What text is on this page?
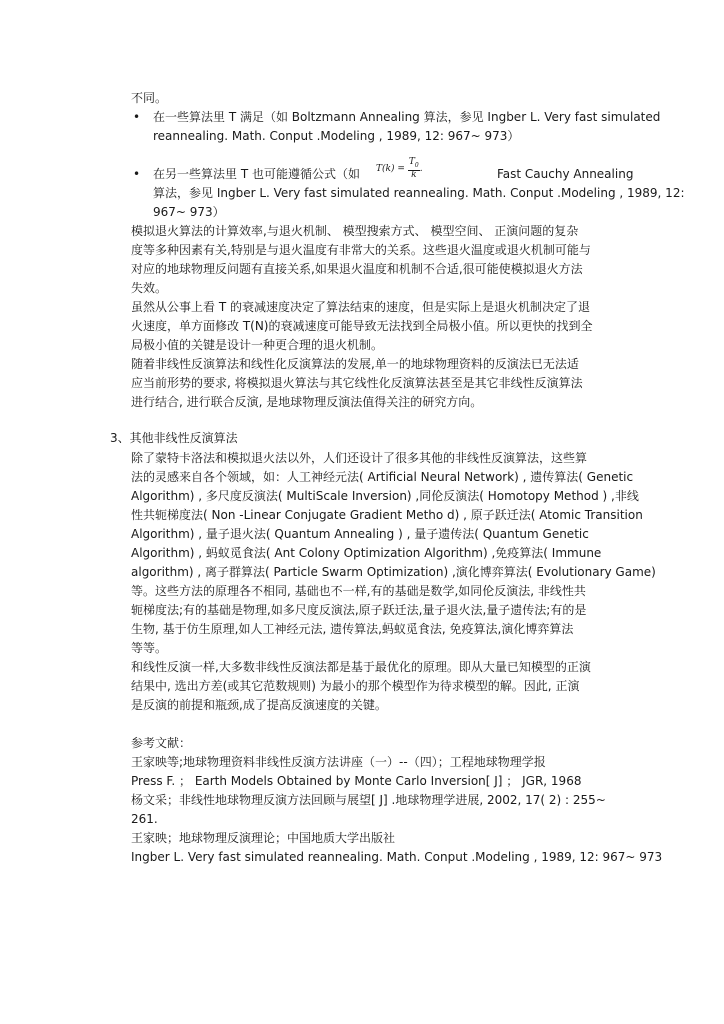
不同。
• 在一些算法里 T 满足（如 Boltzmann Annealing 算法，参见 Ingber L. Very fast simulated
reannealing. Math. Conput .Modeling , 1989, 12: 967~ 973）
• 在另一些算法里 T 也可能遵循公式（如 $T(k) = \frac{T_0}{k}$ .	Fast Cauchy Annealing
算法，参见 Ingber L. Very fast simulated reannealing. Math. Conput .Modeling , 1989, 12:
967~ 973）
模拟退火算法的计算效率,与退火机制、 模型搜索方式、 模型空间、 正演问题的复杂
度等多种因素有关,特别是与退火温度有非常大的关系。这些退火温度或退火机制可能与
对应的地球物理反问题有直接关系,如果退火温度和机制不合适,很可能使模拟退火方法
失效。
虽然从公事上看 T 的衰减速度决定了算法结束的速度，但是实际上是退火机制决定了退
火速度，单方面修改 T(N)的衰减速度可能导致无法找到全局极小值。所以更快的找到全
局极小值的关键是设计一种更合理的退火机制。
随着非线性反演算法和线性化反演算法的发展,单一的地球物理资料的反演法已无法适
应当前形势的要求, 将模拟退火算法与其它线性化反演算法甚至是其它非线性反演算法
进行结合, 进行联合反演, 是地球物理反演法值得关注的研究方向。
3、其他非线性反演算法
除了蒙特卡洛法和模拟退火法以外，人们还设计了很多其他的非线性反演算法，这些算
法的灵感来自各个领域，如：人工神经元法( Artificial Neural Network) , 遗传算法( Genetic
Algorithm) , 多尺度反演法( MultiScale Inversion) ,同伦反演法( Homotopy Method ) ,非线
性共轭梯度法( Non -Linear Conjugate Gradient Metho d) , 原子跃迁法( Atomic Transition
Algorithm) , 量子退火法( Quantum Annealing ) , 量子遗传法( Quantum Genetic
Algorithm) , 蚂蚁觅食法( Ant Colony Optimization Algorithm) ,免疫算法( Immune
algorithm) , 离子群算法( Particle Swarm Optimization) ,演化博弈算法( Evolutionary Game)
等。这些方法的原理各不相同, 基础也不一样,有的基础是数学,如同伦反演法, 非线性共
轭梯度法;有的基础是物理,如多尺度反演法,原子跃迁法,量子退火法,量子遗传法;有的是
生物, 基于仿生原理,如人工神经元法, 遗传算法,蚂蚁觅食法, 免疫算法,演化博弈算法
等等。
和线性反演一样,大多数非线性反演法都是基于最优化的原理。即从大量已知模型的正演
结果中, 选出方差(或其它范数规则) 为最小的那个模型作为待求模型的解。因此, 正演
是反演的前提和瓶颈,成了提高反演速度的关键。
参考文献：
王家映等;地球物理资料非线性反演方法讲座（一）--（四）；工程地球物理学报
Press F. ； Earth Models Obtained by Monte Carlo Inversion[ J] ； JGR, 1968
杨文采；非线性地球物理反演方法回顾与展望[ J] .地球物理学进展, 2002, 17( 2) : 255~
261.
王家映；地球物理反演理论；中国地质大学出版社
Ingber L. Very fast simulated reannealing. Math. Conput .Modeling , 1989, 12: 967~ 973
